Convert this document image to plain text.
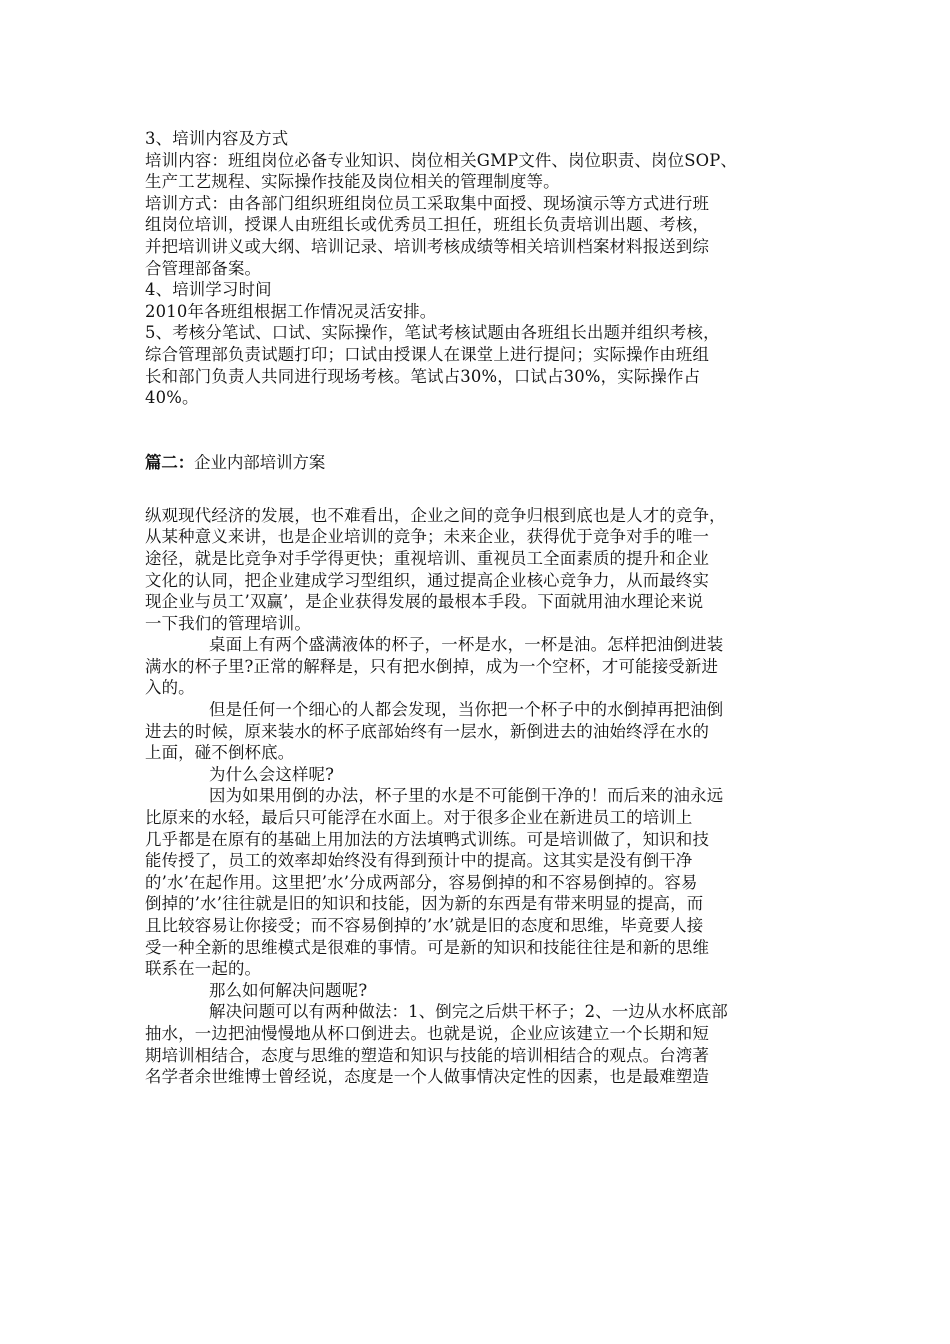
3、培训内容及方式

培训内容：班组岗位必备专业知识、岗位相关GMP文件、岗位职责、岗位SOP、

生产工艺规程、实际操作技能及岗位相关的管理制度等。

培训方式：由各部门组织班组岗位员工采取集中面授、现场演示等方式进行班

组岗位培训，授课人由班组长或优秀员工担任，班组长负责培训出题、考核，

并把培训讲义或大纲、培训记录、培训考核成绩等相关培训档案材料报送到综

合管理部备案。

4、培训学习时间

2010年各班组根据工作情况灵活安排。

5、考核分笔试、口试、实际操作，笔试考核试题由各班组长出题并组织考核，

综合管理部负责试题打印；口试由授课人在课堂上进行提问；实际操作由班组

长和部门负责人共同进行现场考核。笔试占30%，口试占30%，实际操作占

40%。

篇二：企业内部培训方案

纵观现代经济的发展，也不难看出，企业之间的竞争归根到底也是人才的竞争，

从某种意义来讲，也是企业培训的竞争；未来企业，获得优于竞争对手的唯一

途径，就是比竞争对手学得更快；重视培训、重视员工全面素质的提升和企业

文化的认同，把企业建成学习型组织，通过提高企业核心竞争力，从而最终实

现企业与员工’双赢’，是企业获得发展的最根本手段。下面就用油水理论来说

一下我们的管理培训。

桌面上有两个盛满液体的杯子，一杯是水，一杯是油。怎样把油倒进装

满水的杯子里?正常的解释是，只有把水倒掉，成为一个空杯，才可能接受新进

入的。

但是任何一个细心的人都会发现，当你把一个杯子中的水倒掉再把油倒

进去的时候，原来装水的杯子底部始终有一层水，新倒进去的油始终浮在水的

上面，碰不倒杯底。

为什么会这样呢?

因为如果用倒的办法，杯子里的水是不可能倒干净的！而后来的油永远

比原来的水轻，最后只可能浮在水面上。对于很多企业在新进员工的培训上

几乎都是在原有的基础上用加法的方法填鸭式训练。可是培训做了，知识和技

能传授了，员工的效率却始终没有得到预计中的提高。这其实是没有倒干净

的’水’在起作用。这里把’水’分成两部分，容易倒掉的和不容易倒掉的。容易

倒掉的’水’往往就是旧的知识和技能，因为新的东西是有带来明显的提高，而

且比较容易让你接受；而不容易倒掉的’水’就是旧的态度和思维，毕竟要人接

受一种全新的思维模式是很难的事情。可是新的知识和技能往往是和新的思维

联系在一起的。

那么如何解决问题呢?

解决问题可以有两种做法：1、倒完之后烘干杯子；2、一边从水杯底部

抽水，一边把油慢慢地从杯口倒进去。也就是说，企业应该建立一个长期和短

期培训相结合，态度与思维的塑造和知识与技能的培训相结合的观点。台湾著

名学者余世维博士曾经说，态度是一个人做事情决定性的因素，也是最难塑造
